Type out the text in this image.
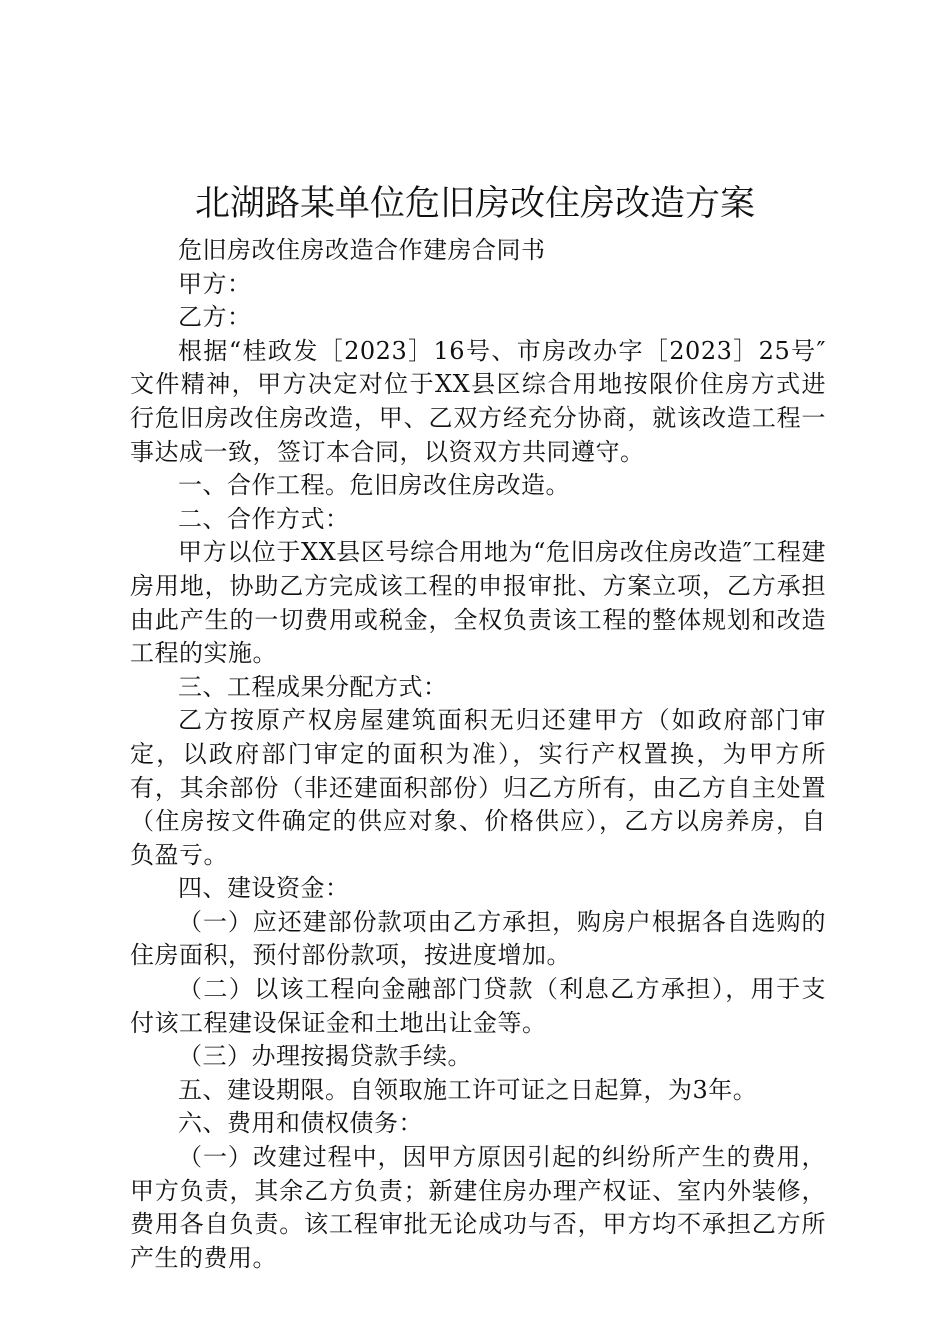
北湖路某单位危旧房改住房改造方案

危旧房改住房改造合作建房合同书

甲方：

乙方：

根据“桂政发［2023］16号、市房改办字［2023］25号″文件精神，甲方决定对位于XX县区综合用地按限价住房方式进行危旧房改住房改造，甲、乙双方经充分协商，就该改造工程一事达成一致，签订本合同，以资双方共同遵守。

一、合作工程。危旧房改住房改造。

二、合作方式：

甲方以位于XX县区号综合用地为“危旧房改住房改造″工程建房用地，协助乙方完成该工程的申报审批、方案立项，乙方承担由此产生的一切费用或税金，全权负责该工程的整体规划和改造工程的实施。

三、工程成果分配方式：

乙方按原产权房屋建筑面积无归还建甲方（如政府部门审定，以政府部门审定的面积为准），实行产权置换，为甲方所有，其余部份（非还建面积部份）归乙方所有，由乙方自主处置（住房按文件确定的供应对象、价格供应），乙方以房养房，自负盈亏。

四、建设资金：

（一）应还建部份款项由乙方承担，购房户根据各自选购的住房面积，预付部份款项，按进度增加。

（二）以该工程向金融部门贷款（利息乙方承担），用于支付该工程建设保证金和土地出让金等。

（三）办理按揭贷款手续。

五、建设期限。自领取施工许可证之日起算，为3年。

六、费用和债权债务：

（一）改建过程中，因甲方原因引起的纠纷所产生的费用，甲方负责，其余乙方负责；新建住房办理产权证、室内外装修，费用各自负责。该工程审批无论成功与否，甲方均不承担乙方所产生的费用。
